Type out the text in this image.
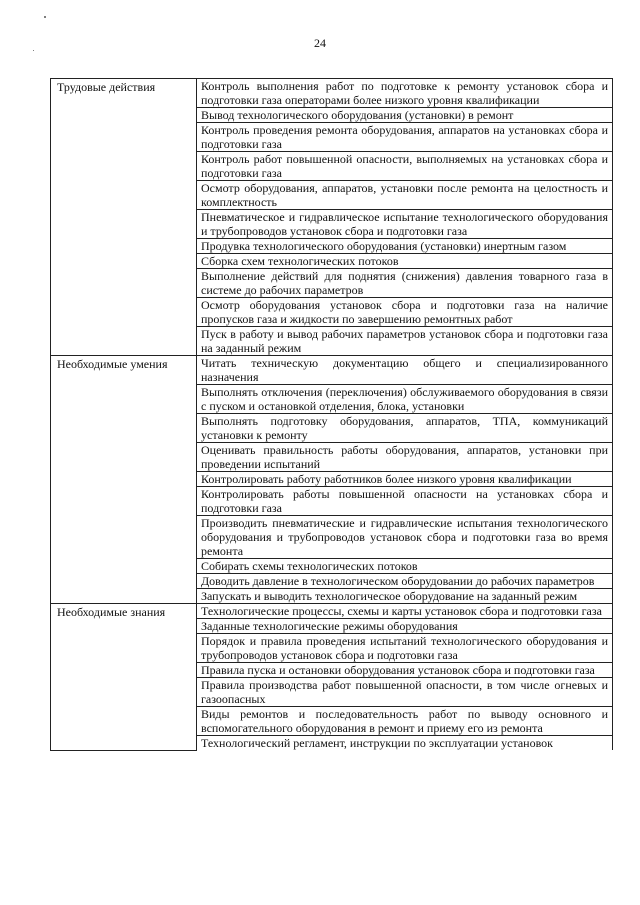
24
Трудовые действия	Контроль выполнения работ по подготовке к ремонту установок сбора и подготовки газа операторами более низкого уровня квалификации
	Вывод технологического оборудования (установки) в ремонт
	Контроль проведения ремонта оборудования, аппаратов на установках сбора и подготовки газа
	Контроль работ повышенной опасности, выполняемых на установках сбора и подготовки газа
	Осмотр оборудования, аппаратов, установки после ремонта на целостность и комплектность
	Пневматическое и гидравлическое испытание технологического оборудования и трубопроводов установок сбора и подготовки газа
	Продувка технологического оборудования (установки) инертным газом
	Сборка схем технологических потоков
	Выполнение действий для поднятия (снижения) давления товарного газа в системе до рабочих параметров
	Осмотр оборудования установок сбора и подготовки газа на наличие пропусков газа и жидкости по завершению ремонтных работ
	Пуск в работу и вывод рабочих параметров установок сбора и подготовки газа на заданный режим
Необходимые умения	Читать техническую документацию общего и специализированного назначения
	Выполнять отключения (переключения) обслуживаемого оборудования в связи с пуском и остановкой отделения, блока, установки
	Выполнять подготовку оборудования, аппаратов, ТПА, коммуникаций установки к ремонту
	Оценивать правильность работы оборудования, аппаратов, установки при проведении испытаний
	Контролировать работу работников более низкого уровня квалификации
	Контролировать работы повышенной опасности на установках сбора и подготовки газа
	Производить пневматические и гидравлические испытания технологического оборудования и трубопроводов установок сбора и подготовки газа во время ремонта
	Собирать схемы технологических потоков
	Доводить давление в технологическом оборудовании до рабочих параметров
	Запускать и выводить технологическое оборудование на заданный режим
Необходимые знания	Технологические процессы, схемы и карты установок сбора и подготовки газа
	Заданные технологические режимы оборудования
	Порядок и правила проведения испытаний технологического оборудования и трубопроводов установок сбора и подготовки газа
	Правила пуска и остановки оборудования установок сбора и подготовки газа
	Правила производства работ повышенной опасности, в том числе огневых и газоопасных
	Виды ремонтов и последовательность работ по выводу основного и вспомогательного оборудования в ремонт и приему его из ремонта
	Технологический регламент, инструкции по эксплуатации установок
